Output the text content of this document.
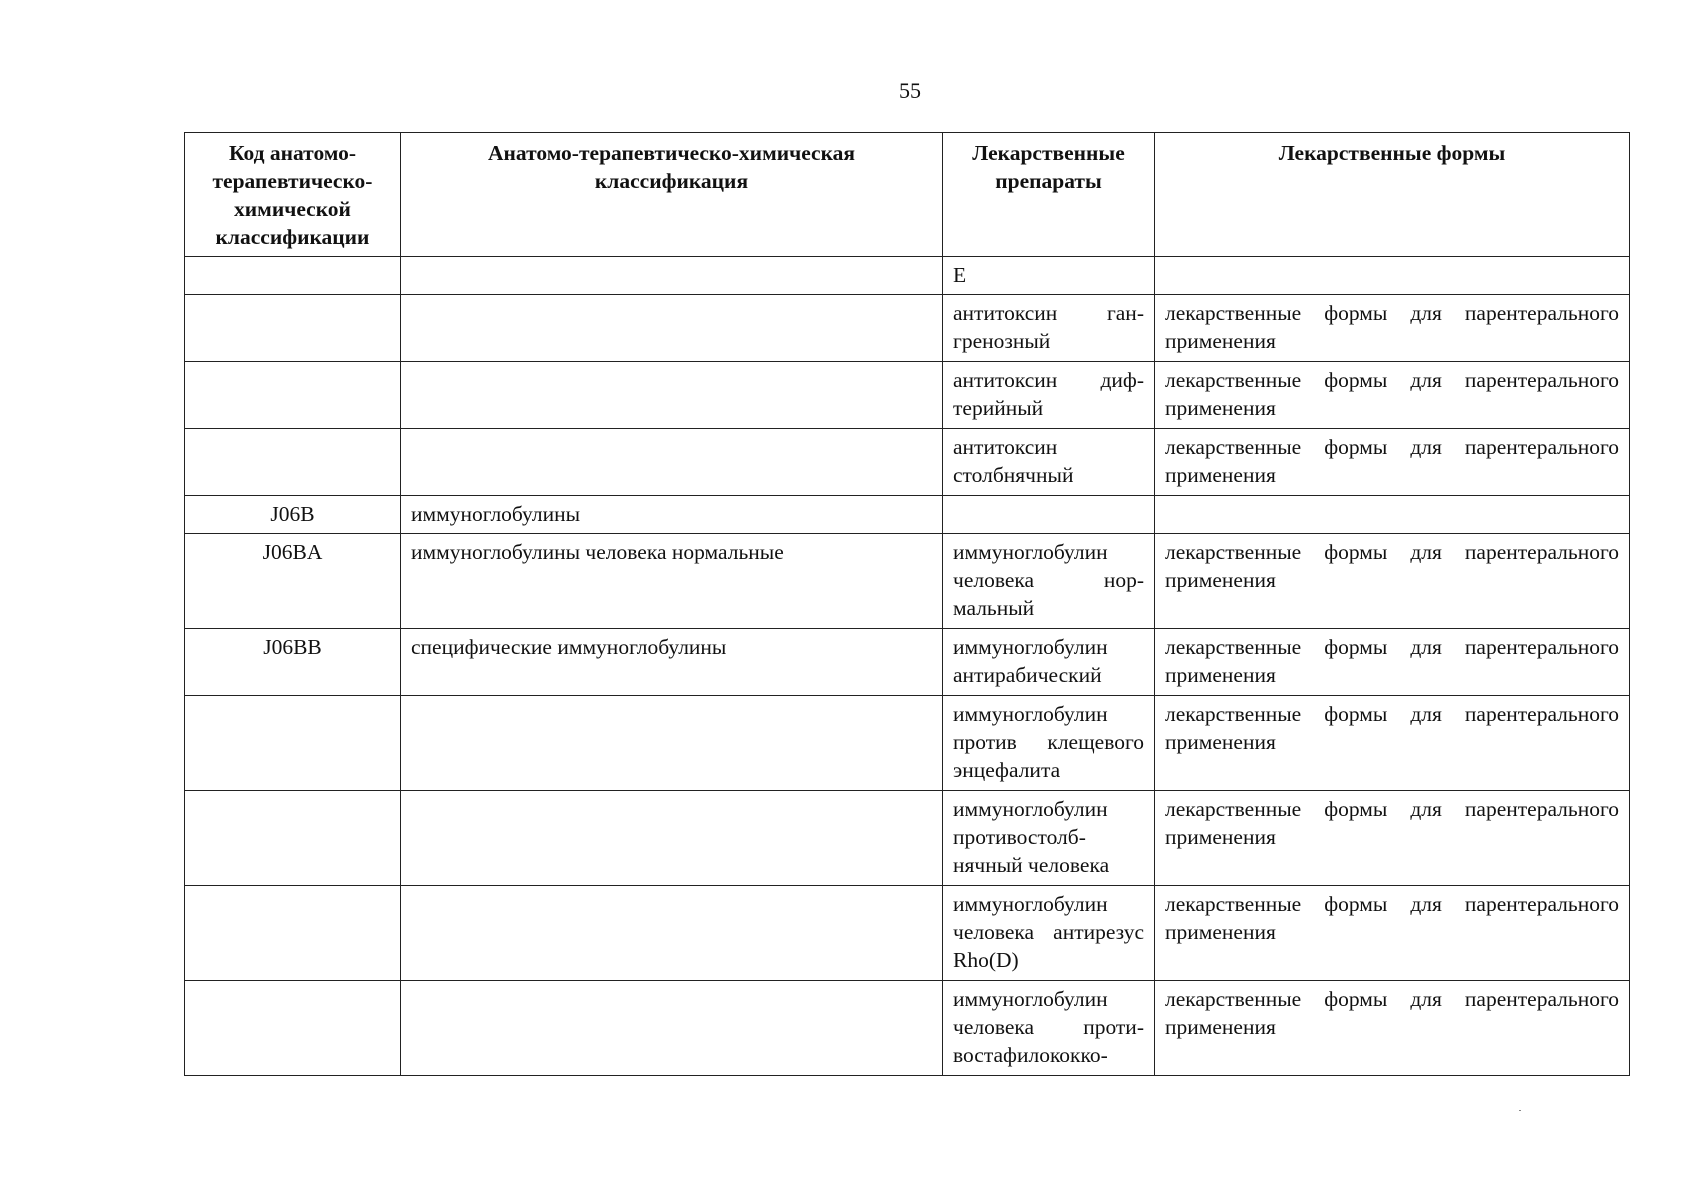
55
Код анатомо-терапевтическо-химической классификации	Анатомо-терапевтическо-химическая классификация	Лекарственные препараты	Лекарственные формы
		Е	
		антитоксин гангренозный	лекарственные формы для парентерального применения
		антитоксин дифтерийный	лекарственные формы для парентерального применения
		антитоксин столбнячный	лекарственные формы для парентерального применения
J06B	иммуноглобулины		
J06BA	иммуноглобулины человека нормальные	иммуноглобулин человека нормальный	лекарственные формы для парентерального применения
J06BB	специфические иммуноглобулины	иммуноглобулин антирабический	лекарственные формы для парентерального применения
		иммуноглобулин против клещевого энцефалита	лекарственные формы для парентерального применения
		иммуноглобулин противостолбнячный человека	лекарственные формы для парентерального применения
		иммуноглобулин человека антирезус Rho(D)	лекарственные формы для парентерального применения
		иммуноглобулин человека противостафилококко-	лекарственные формы для парентерального применения
